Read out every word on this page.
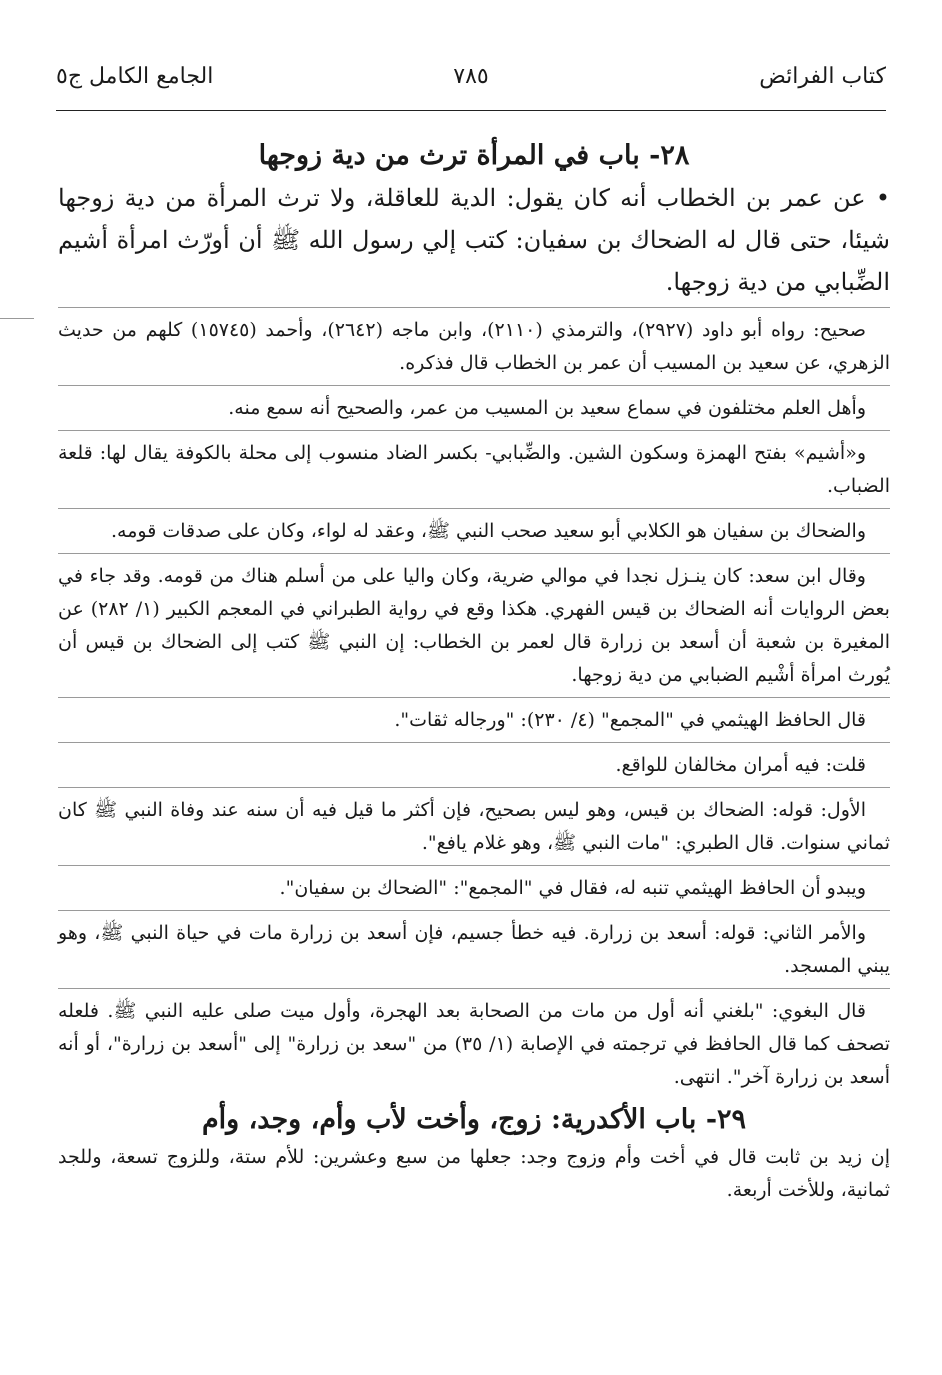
كتاب الفرائض
٧٨٥
الجامع الكامل ج٥
٢٨- باب في المرأة ترث من دية زوجها

• عن عمر بن الخطاب أنه كان يقول: الدية للعاقلة، ولا ترث المرأة من دية زوجها شيئا، حتى قال له الضحاك بن سفيان: كتب إلي رسول الله ﷺ أن أورّث امرأة أشيم الضِّبابي من دية زوجها.

صحيح: رواه أبو داود (٢٩٢٧)، والترمذي (٢١١٠)، وابن ماجه (٢٦٤٢)، وأحمد (١٥٧٤٥) كلهم من حديث الزهري، عن سعيد بن المسيب أن عمر بن الخطاب قال فذكره.

وأهل العلم مختلفون في سماع سعيد بن المسيب من عمر، والصحيح أنه سمع منه.

و«أشيم» بفتح الهمزة وسكون الشين. والضِّبابي- بكسر الضاد منسوب إلى محلة بالكوفة يقال لها: قلعة الضباب.

والضحاك بن سفيان هو الكلابي أبو سعيد صحب النبي ﷺ، وعقد له لواء، وكان على صدقات قومه.

وقال ابن سعد: كان ينـزل نجدا في موالي ضرية، وكان واليا على من أسلم هناك من قومه. وقد جاء في بعض الروايات أنه الضحاك بن قيس الفهري. هكذا وقع في رواية الطبراني في المعجم الكبير (١/ ٢٨٢) عن المغيرة بن شعبة أن أسعد بن زرارة قال لعمر بن الخطاب: إن النبي ﷺ كتب إلى الضحاك بن قيس أن يُورث امرأة أشْيم الضبابي من دية زوجها.

قال الحافظ الهيثمي في "المجمع" (٤/ ٢٣٠): "ورجاله ثقات".

قلت: فيه أمران مخالفان للواقع.

الأول: قوله: الضحاك بن قيس، وهو ليس بصحيح، فإن أكثر ما قيل فيه أن سنه عند وفاة النبي ﷺ كان ثماني سنوات. قال الطبري: "مات النبي ﷺ، وهو غلام يافع".

ويبدو أن الحافظ الهيثمي تنبه له، فقال في "المجمع": "الضحاك بن سفيان".

والأمر الثاني: قوله: أسعد بن زرارة. فيه خطأ جسيم، فإن أسعد بن زرارة مات في حياة النبي ﷺ، وهو يبني المسجد.

قال البغوي: "بلغني أنه أول من مات من الصحابة بعد الهجرة، وأول ميت صلى عليه النبي ﷺ. فلعله تصحف كما قال الحافظ في ترجمته في الإصابة (١/ ٣٥) من "سعد بن زرارة" إلى "أسعد بن زرارة"، أو أنه أسعد بن زرارة آخر". انتهى.

٢٩- باب الأكدرية: زوج، وأخت لأب وأم، وجد، وأم

إن زيد بن ثابت قال في أخت وأم وزوج وجد: جعلها من سبع وعشرين: للأم ستة، وللزوج تسعة، وللجد ثمانية، وللأخت أربعة.
